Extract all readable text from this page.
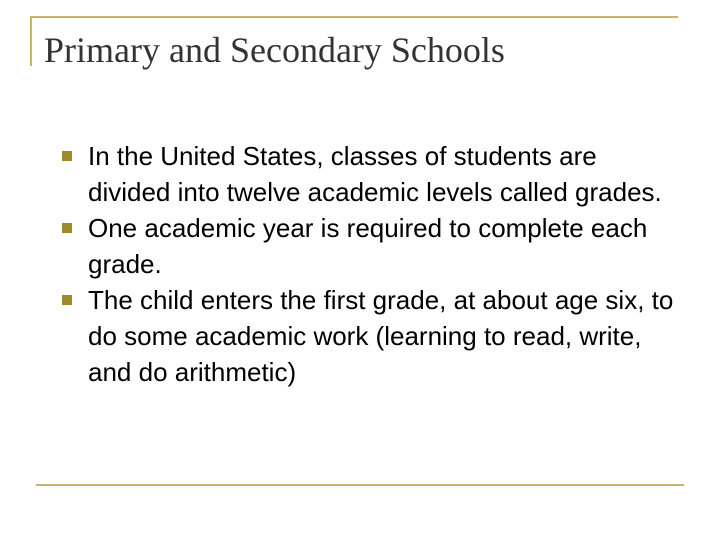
Primary and Secondary Schools
In the United States, classes of students are divided into twelve academic levels called grades.
One academic year is required to complete each grade.
The child enters the first grade, at about age six, to do some academic work (learning to read, write, and do arithmetic)
